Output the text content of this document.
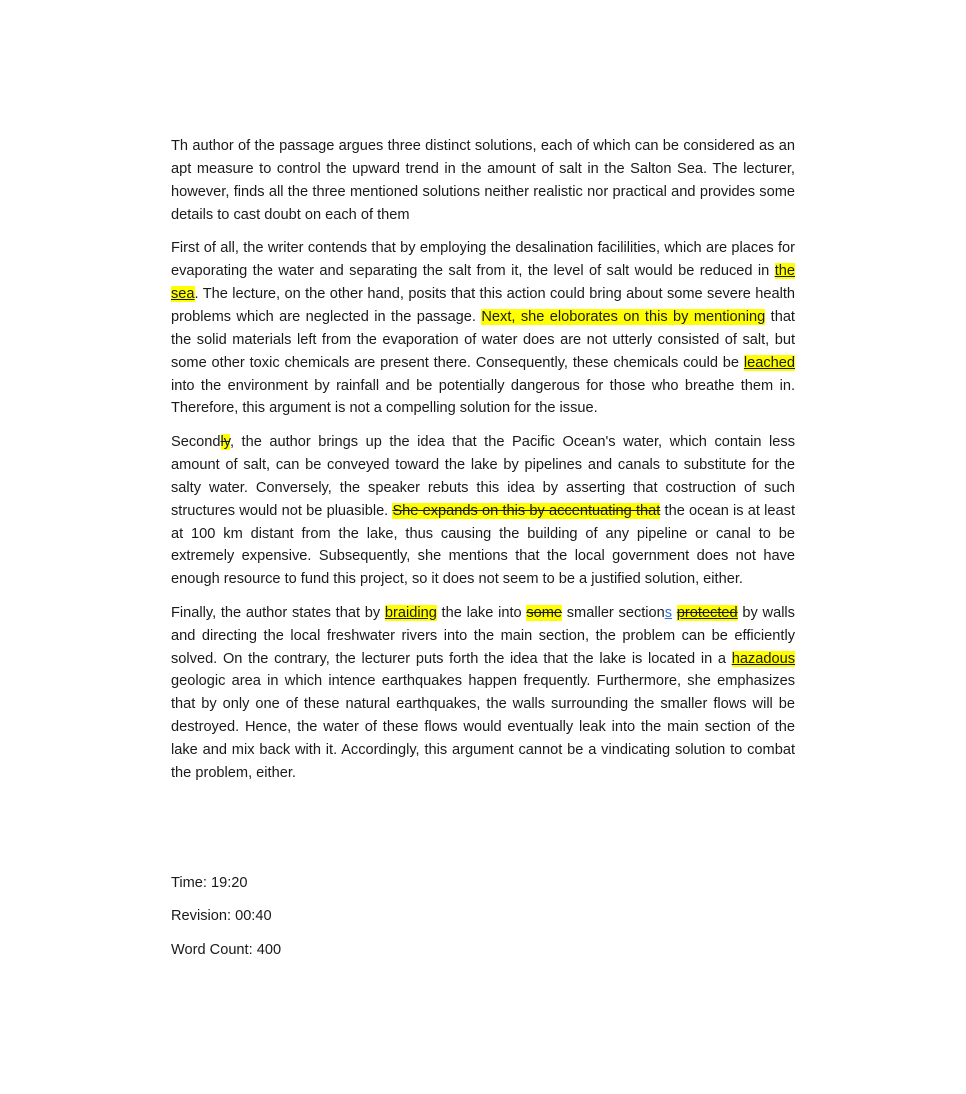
Th author of the passage argues three distinct solutions, each of which can be considered as an apt measure to control the upward trend in the amount of salt in the Salton Sea. The lecturer, however, finds all the three mentioned solutions neither realistic nor practical and provides some details to cast doubt on each of them

First of all, the writer contends that by employing the desalination facililities, which are places for evaporating the water and separating the salt from it, the level of salt would be reduced in the sea. The lecture, on the other hand, posits that this action could bring about some severe health problems which are neglected in the passage. Next, she eloborates on this by mentioning that the solid materials left from the evaporation of water does are not utterly consisted of salt, but some other toxic chemicals are present there. Consequently, these chemicals could be leached into the environment by rainfall and be potentially dangerous for those who breathe them in. Therefore, this argument is not a compelling solution for the issue.

Secondly, the author brings up the idea that the Pacific Ocean's water, which contain less amount of salt, can be conveyed toward the lake by pipelines and canals to substitute for the salty water. Conversely, the speaker rebuts this idea by asserting that costruction of such structures would not be pluasible. She expands on this by accentuating that the ocean is at least at 100 km distant from the lake, thus causing the building of any pipeline or canal to be extremely expensive. Subsequently, she mentions that the local government does not have enough resource to fund this project, so it does not seem to be a justified solution, either.

Finally, the author states that by braiding the lake into some smaller sections protected by walls and directing the local freshwater rivers into the main section, the problem can be efficiently solved. On the contrary, the lecturer puts forth the idea that the lake is located in a hazadous geologic area in which intence earthquakes happen frequently. Furthermore, she emphasizes that by only one of these natural earthquakes, the walls surrounding the smaller flows will be destroyed. Hence, the water of these flows would eventually leak into the main section of the lake and mix back with it. Accordingly, this argument cannot be a vindicating solution to combat the problem, either.

Time: 19:20

Revision: 00:40

Word Count: 400
